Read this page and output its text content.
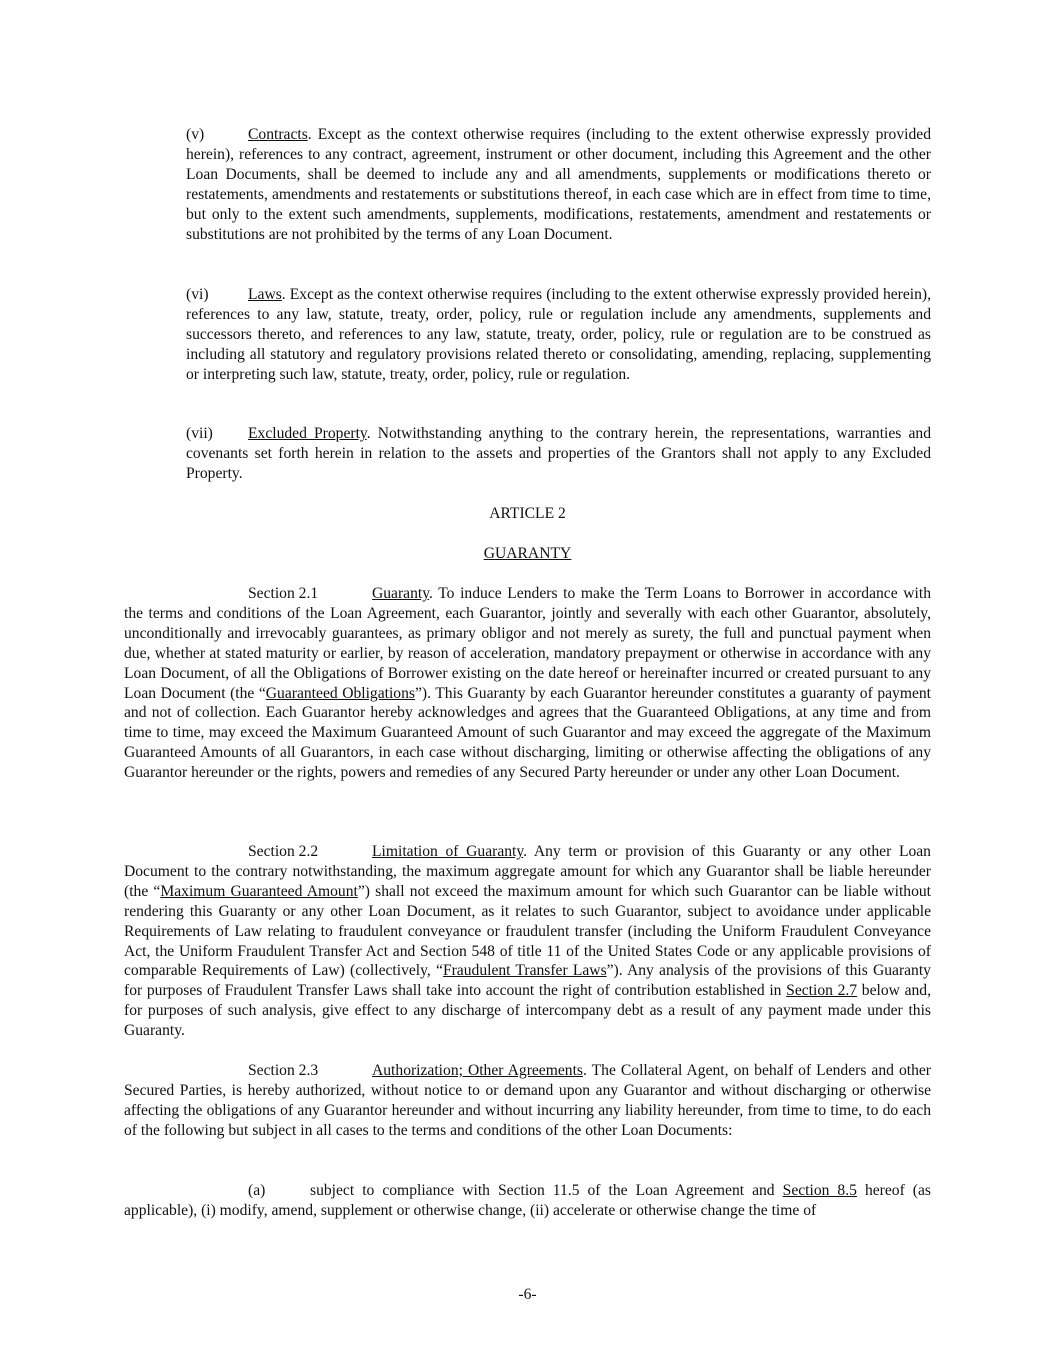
(v)	Contracts. Except as the context otherwise requires (including to the extent otherwise expressly provided herein), references to any contract, agreement, instrument or other document, including this Agreement and the other Loan Documents, shall be deemed to include any and all amendments, supplements or modifications thereto or restatements, amendments and restatements or substitutions thereof, in each case which are in effect from time to time, but only to the extent such amendments, supplements, modifications, restatements, amendment and restatements or substitutions are not prohibited by the terms of any Loan Document.

(vi)	Laws. Except as the context otherwise requires (including to the extent otherwise expressly provided herein), references to any law, statute, treaty, order, policy, rule or regulation include any amendments, supplements and successors thereto, and references to any law, statute, treaty, order, policy, rule or regulation are to be construed as including all statutory and regulatory provisions related thereto or consolidating, amending, replacing, supplementing or interpreting such law, statute, treaty, order, policy, rule or regulation.

(vii) Excluded Property. Notwithstanding anything to the contrary herein, the representations, warranties and covenants set forth herein in relation to the assets and properties of the Grantors shall not apply to any Excluded Property.

ARTICLE 2

GUARANTY

Section 2.1	Guaranty. To induce Lenders to make the Term Loans to Borrower in accordance with the terms and conditions of the Loan Agreement, each Guarantor, jointly and severally with each other Guarantor, absolutely, unconditionally and irrevocably guarantees, as primary obligor and not merely as surety, the full and punctual payment when due, whether at stated maturity or earlier, by reason of acceleration, mandatory prepayment or otherwise in accordance with any Loan Document, of all the Obligations of Borrower existing on the date hereof or hereinafter incurred or created pursuant to any Loan Document (the “Guaranteed Obligations”). This Guaranty by each Guarantor hereunder constitutes a guaranty of payment and not of collection. Each Guarantor hereby acknowledges and agrees that the Guaranteed Obligations, at any time and from time to time, may exceed the Maximum Guaranteed Amount of such Guarantor and may exceed the aggregate of the Maximum Guaranteed Amounts of all Guarantors, in each case without discharging, limiting or otherwise affecting the obligations of any Guarantor hereunder or the rights, powers and remedies of any Secured Party hereunder or under any other Loan Document.

Section 2.2	Limitation of Guaranty. Any term or provision of this Guaranty or any other Loan Document to the contrary notwithstanding, the maximum aggregate amount for which any Guarantor shall be liable hereunder (the “Maximum Guaranteed Amount”) shall not exceed the maximum amount for which such Guarantor can be liable without rendering this Guaranty or any other Loan Document, as it relates to such Guarantor, subject to avoidance under applicable Requirements of Law relating to fraudulent conveyance or fraudulent transfer (including the Uniform Fraudulent Conveyance Act, the Uniform Fraudulent Transfer Act and Section 548 of title 11 of the United States Code or any applicable provisions of comparable Requirements of Law) (collectively, “Fraudulent Transfer Laws”). Any analysis of the provisions of this Guaranty for purposes of Fraudulent Transfer Laws shall take into account the right of contribution established in Section 2.7 below and, for purposes of such analysis, give effect to any discharge of intercompany debt as a result of any payment made under this Guaranty.

Section 2.3	Authorization; Other Agreements. The Collateral Agent, on behalf of Lenders and other Secured Parties, is hereby authorized, without notice to or demand upon any Guarantor and without discharging or otherwise affecting the obligations of any Guarantor hereunder and without incurring any liability hereunder, from time to time, to do each of the following but subject in all cases to the terms and conditions of the other Loan Documents:

(a)	subject to compliance with Section 11.5 of the Loan Agreement and Section 8.5 hereof (as applicable), (i) modify, amend, supplement or otherwise change, (ii) accelerate or otherwise change the time of

-6-
